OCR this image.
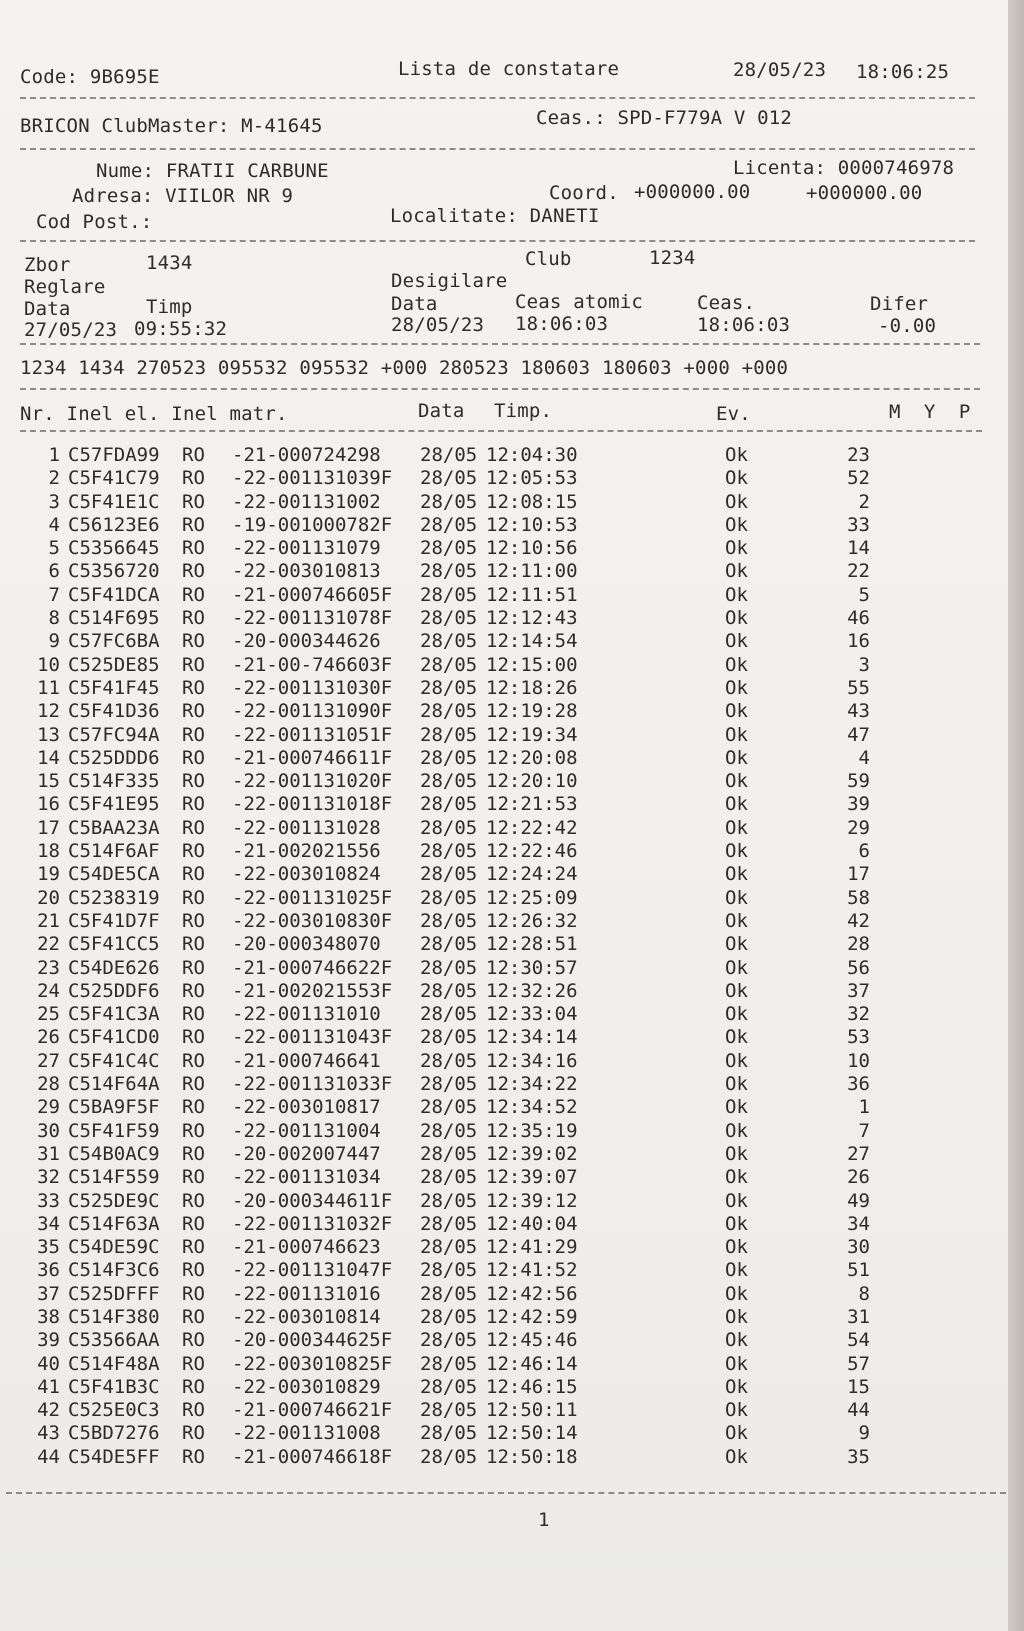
Code: 9B695E	Lista de constatare	28/05/23 18:06:25
BRICON ClubMaster: M-41645	Ceas.: SPD-F779A V 012
Nume: FRATII CARBUNE	Licenta: 0000746978
Adresa: VIILOR NR 9	Coord. +000000.00	+000000.00
Cod Post.:	Localitate: DANETI
Zbor	1434	Club	1234
Reglare	Desigilare
Data	Timp	Data	Ceas atomic	Ceas.	Difer
27/05/23 09:55:32	28/05/23 18:06:03	18:06:03	-0.00
1234 1434 270523 095532 095532 +000 280523 180603 180603 +000 +000
Nr. Inel el. Inel matr.	Data Timp.	Ev.	M  Y  P
1 C57FDA99 RO -21-000724298 28/05 12:04:30	Ok	23
2 C5F41C79 RO -22-001131039F 28/05 12:05:53	Ok	52
3 C5F41E1C RO -22-001131002 28/05 12:08:15	Ok	2
4 C56123E6 RO -19-001000782F 28/05 12:10:53	Ok	33
5 C5356645 RO -22-001131079 28/05 12:10:56	Ok	14
6 C5356720 RO -22-003010813 28/05 12:11:00	Ok	22
7 C5F41DCA RO -21-000746605F 28/05 12:11:51	Ok	5
8 C514F695 RO -22-001131078F 28/05 12:12:43	Ok	46
9 C57FC6BA RO -20-000344626 28/05 12:14:54	Ok	16
10 C525DE85 RO -21-00-746603F 28/05 12:15:00	Ok	3
11 C5F41F45 RO -22-001131030F 28/05 12:18:26	Ok	55
12 C5F41D36 RO -22-001131090F 28/05 12:19:28	Ok	43
13 C57FC94A RO -22-001131051F 28/05 12:19:34	Ok	47
14 C525DDD6 RO -21-000746611F 28/05 12:20:08	Ok	4
15 C514F335 RO -22-001131020F 28/05 12:20:10	Ok	59
16 C5F41E95 RO -22-001131018F 28/05 12:21:53	Ok	39
17 C5BAA23A RO -22-001131028 28/05 12:22:42	Ok	29
18 C514F6AF RO -21-002021556 28/05 12:22:46	Ok	6
19 C54DE5CA RO -22-003010824 28/05 12:24:24	Ok	17
20 C5238319 RO -22-001131025F 28/05 12:25:09	Ok	58
21 C5F41D7F RO -22-003010830F 28/05 12:26:32	Ok	42
22 C5F41CC5 RO -20-000348070 28/05 12:28:51	Ok	28
23 C54DE626 RO -21-000746622F 28/05 12:30:57	Ok	56
24 C525DDF6 RO -21-002021553F 28/05 12:32:26	Ok	37
25 C5F41C3A RO -22-001131010 28/05 12:33:04	Ok	32
26 C5F41CD0 RO -22-001131043F 28/05 12:34:14	Ok	53
27 C5F41C4C RO -21-000746641 28/05 12:34:16	Ok	10
28 C514F64A RO -22-001131033F 28/05 12:34:22	Ok	36
29 C5BA9F5F RO -22-003010817 28/05 12:34:52	Ok	1
30 C5F41F59 RO -22-001131004 28/05 12:35:19	Ok	7
31 C54B0AC9 RO -20-002007447 28/05 12:39:02	Ok	27
32 C514F559 RO -22-001131034 28/05 12:39:07	Ok	26
33 C525DE9C RO -20-000344611F 28/05 12:39:12	Ok	49
34 C514F63A RO -22-001131032F 28/05 12:40:04	Ok	34
35 C54DE59C RO -21-000746623 28/05 12:41:29	Ok	30
36 C514F3C6 RO -22-001131047F 28/05 12:41:52	Ok	51
37 C525DFFF RO -22-001131016 28/05 12:42:56	Ok	8
38 C514F380 RO -22-003010814 28/05 12:42:59	Ok	31
39 C53566AA RO -20-000344625F 28/05 12:45:46	Ok	54
40 C514F48A RO -22-003010825F 28/05 12:46:14	Ok	57
41 C5F41B3C RO -22-003010829 28/05 12:46:15	Ok	15
42 C525E0C3 RO -21-000746621F 28/05 12:50:11	Ok	44
43 C5BD7276 RO -22-001131008 28/05 12:50:14	Ok	9
44 C54DE5FF RO -21-000746618F 28/05 12:50:18	Ok	35
1
